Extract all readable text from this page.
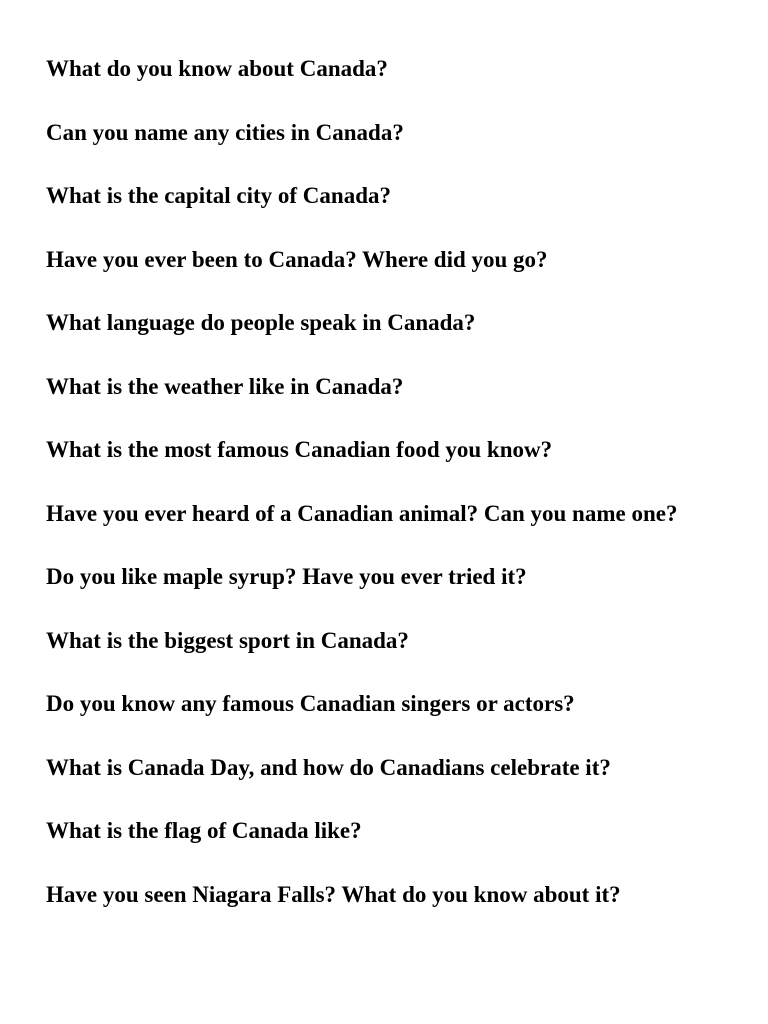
What do you know about Canada?

Can you name any cities in Canada?

What is the capital city of Canada?

Have you ever been to Canada? Where did you go?

What language do people speak in Canada?

What is the weather like in Canada?

What is the most famous Canadian food you know?

Have you ever heard of a Canadian animal? Can you name one?

Do you like maple syrup? Have you ever tried it?

What is the biggest sport in Canada?

Do you know any famous Canadian singers or actors?

What is Canada Day, and how do Canadians celebrate it?

What is the flag of Canada like?

Have you seen Niagara Falls? What do you know about it?
